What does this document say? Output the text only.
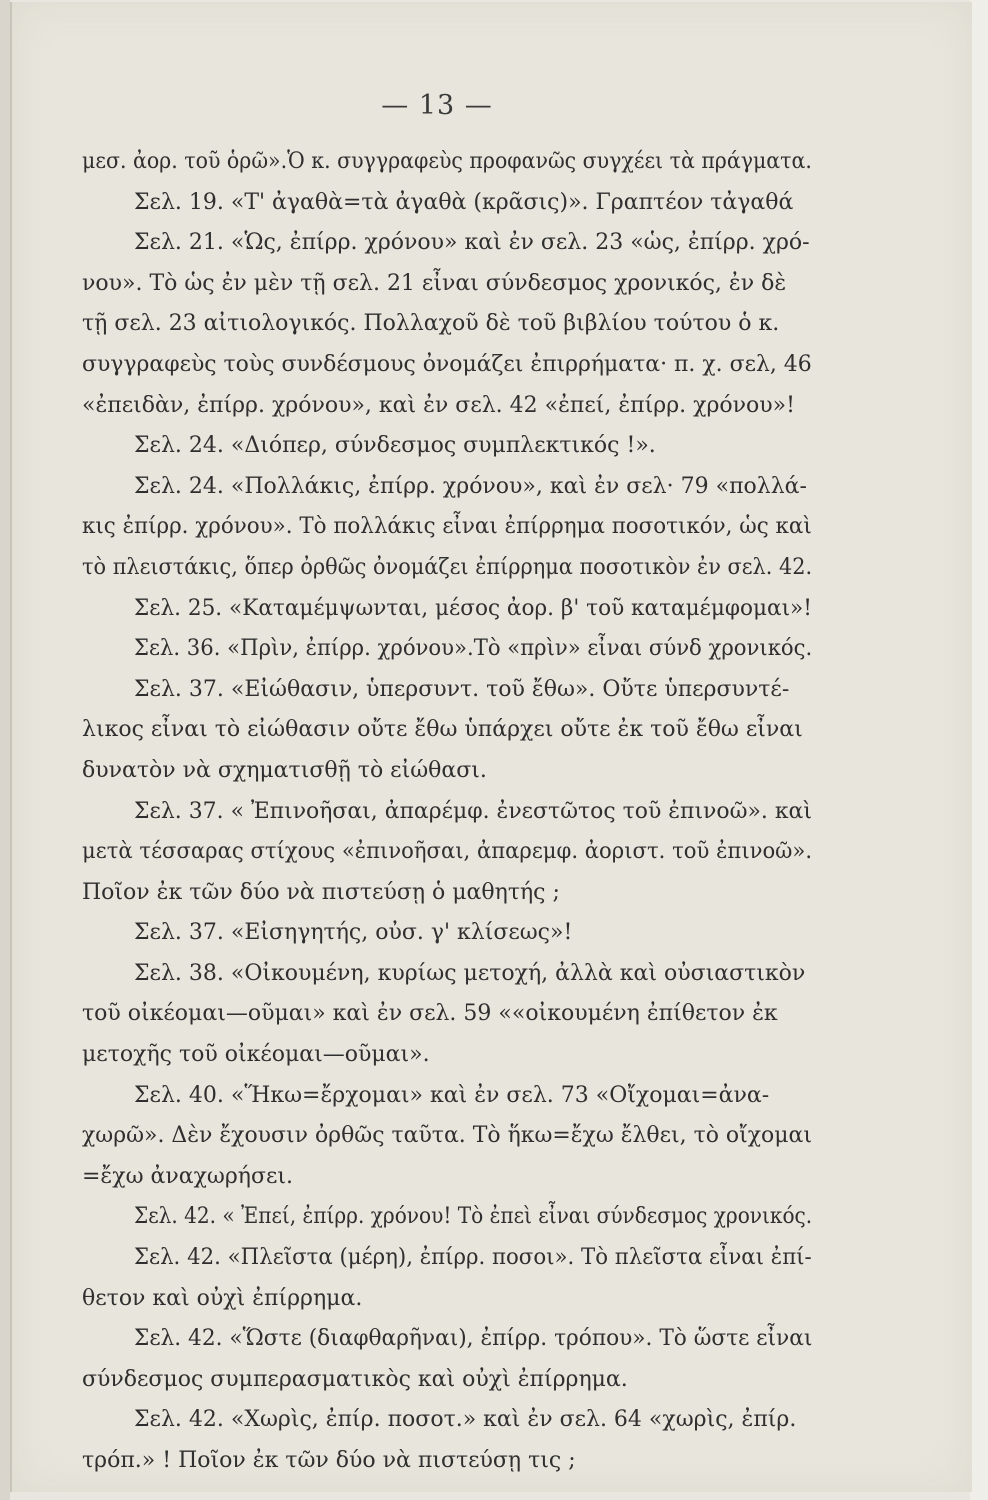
— 13 —
μεσ. ἀορ. τοῦ ὁρῶ».Ὁ κ. συγγραφεὺς προφανῶς συγχέει τὰ πράγματα.
Σελ. 19. «Τ' ἀγαθὰ=τὰ ἀγαθὰ (κρᾶσις)». Γραπτέον τἀγαθά
Σελ. 21. «Ὡς, ἐπίρρ. χρόνου» καὶ ἐν σελ. 23 «ὡς, ἐπίρρ. χρό-
νου». Τὸ ὡς ἐν μὲν τῇ σελ. 21 εἶναι σύνδεσμος χρονικός, ἐν δὲ
τῇ σελ. 23 αἰτιολογικός. Πολλαχοῦ δὲ τοῦ βιβλίου τούτου ὁ κ.
συγγραφεὺς τοὺς συνδέσμους ὀνομάζει ἐπιρρήματα· π. χ. σελ, 46
«ἐπειδὰν, ἐπίρρ. χρόνου», καὶ ἐν σελ. 42 «ἐπεί, ἐπίρρ. χρόνου»!
Σελ. 24. «Διόπερ, σύνδεσμος συμπλεκτικός !».
Σελ. 24. «Πολλάκις, ἐπίρρ. χρόνου», καὶ ἐν σελ· 79 «πολλά-
κις ἐπίρρ. χρόνου». Τὸ πολλάκις εἶναι ἐπίρρημα ποσοτικόν, ὡς καὶ
τὸ πλειστάκις, ὅπερ ὀρθῶς ὀνομάζει ἐπίρρημα ποσοτικὸν ἐν σελ. 42.
Σελ. 25. «Καταμέμψωνται, μέσος ἀορ. β' τοῦ καταμέμφομαι»!
Σελ. 36. «Πρὶν, ἐπίρρ. χρόνου».Τὸ «πρὶν» εἶναι σύνδ χρονικός.
Σελ. 37. «Εἰώθασιν, ὑπερσυντ. τοῦ ἔθω». Οὔτε ὑπερσυντέ-
λικος εἶναι τὸ εἰώθασιν οὔτε ἔθω ὑπάρχει οὔτε ἐκ τοῦ ἔθω εἶναι
δυνατὸν νὰ σχηματισθῇ τὸ εἰώθασι.
Σελ. 37. « Ἐπινοῆσαι, ἀπαρέμφ. ἐνεστῶτος τοῦ ἐπινοῶ». καὶ
μετὰ τέσσαρας στίχους «ἐπινοῆσαι, ἀπαρεμφ. ἀοριστ. τοῦ ἐπινοῶ».
Ποῖον ἐκ τῶν δύο νὰ πιστεύσῃ ὁ μαθητής ;
Σελ. 37. «Εἰσηγητής, οὐσ. γ' κλίσεως»!
Σελ. 38. «Οἰκουμένη, κυρίως μετοχή, ἀλλὰ καὶ οὐσιαστικὸν
τοῦ οἰκέομαι—οῦμαι» καὶ ἐν σελ. 59 ««οἰκουμένη ἐπίθετον ἐκ
μετοχῆς τοῦ οἰκέομαι—οῦμαι».
Σελ. 40. «Ἥκω=ἔρχομαι» καὶ ἐν σελ. 73 «Οἴχομαι=ἀνα-
χωρῶ». Δὲν ἔχουσιν ὀρθῶς ταῦτα. Τὸ ἥκω=ἔχω ἔλθει, τὸ οἴχομαι
=ἔχω ἀναχωρήσει.
Σελ. 42. « Ἐπεί, ἐπίρρ. χρόνου! Τὸ ἐπεὶ εἶναι σύνδεσμος χρονικός.
Σελ. 42. «Πλεῖστα (μέρη), ἐπίρρ. ποσοι». Τὸ πλεῖστα εἶναι ἐπί-
θετον καὶ οὐχὶ ἐπίρρημα.
Σελ. 42. «Ὥστε (διαφθαρῆναι), ἐπίρρ. τρόπου». Τὸ ὥστε εἶναι
σύνδεσμος συμπερασματικὸς καὶ οὐχὶ ἐπίρρημα.
Σελ. 42. «Χωρὶς, ἐπίρ. ποσοτ.» καὶ ἐν σελ. 64 «χωρὶς, ἐπίρ.
τρόπ.» ! Ποῖον ἐκ τῶν δύο νὰ πιστεύσῃ τις ;
